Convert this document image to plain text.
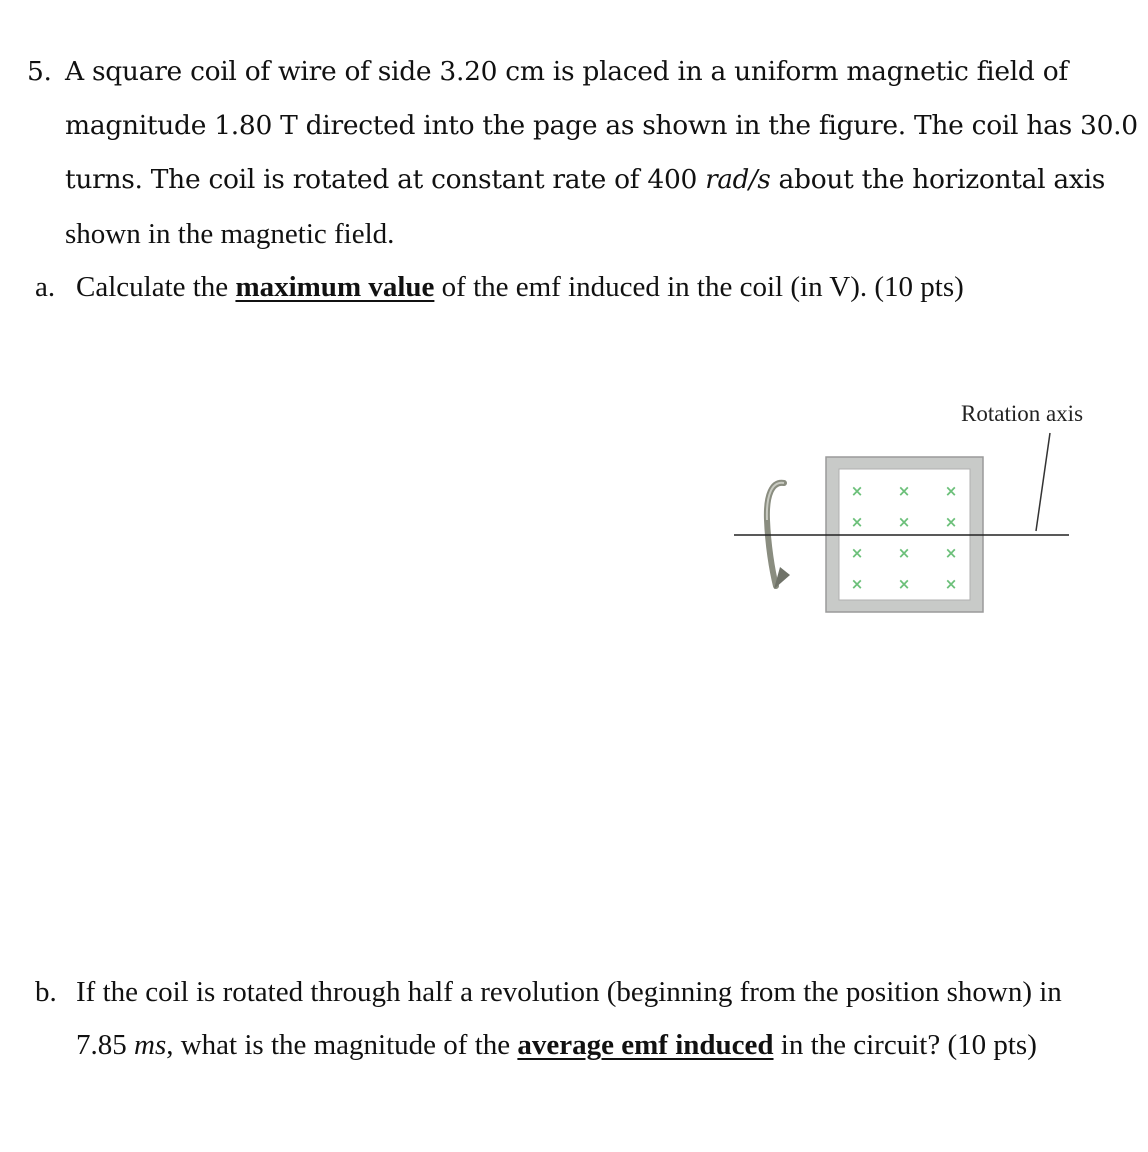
5. A square coil of wire of side 3.20 cm is placed in a uniform magnetic field of
magnitude 1.80 T directed into the page as shown in the figure. The coil has 30.0
turns. The coil is rotated at constant rate of 400 rad/s about the horizontal axis
shown in the magnetic field.
a. Calculate the maximum value of the emf induced in the coil (in V). (10 pts)
Rotation axis
× × ×
× × ×
× × ×
× × ×
b. If the coil is rotated through half a revolution (beginning from the position shown) in
7.85 ms, what is the magnitude of the average emf induced in the circuit? (10 pts)
